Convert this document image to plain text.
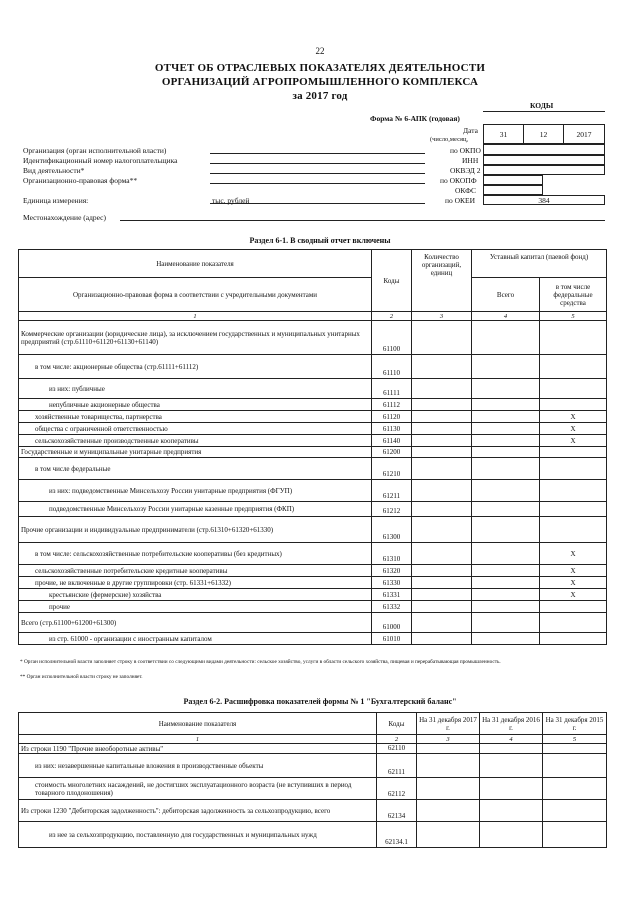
22
ОТЧЕТ ОБ ОТРАСЛЕВЫХ ПОКАЗАТЕЛЯХ ДЕЯТЕЛЬНОСТИ
ОРГАНИЗАЦИЙ АГРОПРОМЫШЛЕННОГО КОМПЛЕКСА
за 2017 год
КОДЫ
Форма № 6-АПК (годовая)
Дата
(число,месяц,
31	12	2017
Организация (орган исполнительной власти)	по ОКПО
Идентификационный номер налогоплательщика	ИНН
Вид деятельности*	ОКВЭД 2
Организационно-правовая форма**	по ОКОПФ
ОКФС
Единица измерения:	тыс. рублей	по ОКЕИ	384
Местонахождение (адрес)
Раздел 6-1. В сводный отчет включены
Наименование показателя	Коды	Количество организаций, единиц	Уставный капитал (паевой фонд)	
Организационно-правовая форма в соответствии с учредительными документами			Всего	в том числе федеральные средства
1	2	3	4	5
Коммерческие организации (юридические лица), за исключением государственных и муниципальных унитарных предприятий (стр.61110+61120+61130+61140)	61100			
в том числе: акционерные общества (стр.61111+61112)	61110			
из них: публичные	61111			
непубличные акционерные общества	61112			
хозяйственные товарищества, партнерства	61120			X
общества с ограниченной ответственностью	61130			X
сельскохозяйственные производственные кооперативы	61140			X
Государственные и муниципальные унитарные предприятия	61200			
в том числе федеральные	61210			
из них: подведомственные Минсельхозу России унитарные предприятия (ФГУП)	61211			
подведомственные Минсельхозу России унитарные казенные предприятия (ФКП)	61212			
Прочие организации и индивидуальные предприниматели (стр.61310+61320+61330)	61300			
в том числе: сельскохозяйственные потребительские кооперативы (без кредитных)	61310			X
сельскохозяйственные потребительские кредитные кооперативы	61320			X
прочие, не включенные в другие группировки (стр. 61331+61332)	61330			X
крестьянские (фермерские) хозяйства	61331			X
прочие	61332			
Всего (стр.61100+61200+61300)	61000			
из стр. 61000 - организации с иностранным капиталом	61010			
* Орган исполнительной власти заполняет строку в соответствии со следующими видами деятельности: сельское хозяйство, услуги в области сельского хозяйства, пищевая и перерабатывающая промышленность.
** Орган исполнительной власти строку не заполняет.
Раздел 6-2. Расшифровка показателей формы № 1 "Бухгалтерский баланс"
Наименование показателя	Коды	На 31 декабря 2017 г.	На 31 декабря 2016 г.	На 31 декабря 2015 г.
1	2	3	4	5
Из строки 1190 "Прочие внеоборотные активы"	62110			
из них: незавершенные капитальные вложения в производственные объекты	62111			
стоимость многолетних насаждений, не достигших эксплуатационного возраста (не вступивших в период товарного плодоношения)	62112			
Из строки 1230 "Дебиторская задолженность": дебиторская задолженность за сельхозпродукцию, всего	62134			
из нее за сельхозпродукцию, поставленную для государственных и муниципальных нужд	62134.1			
